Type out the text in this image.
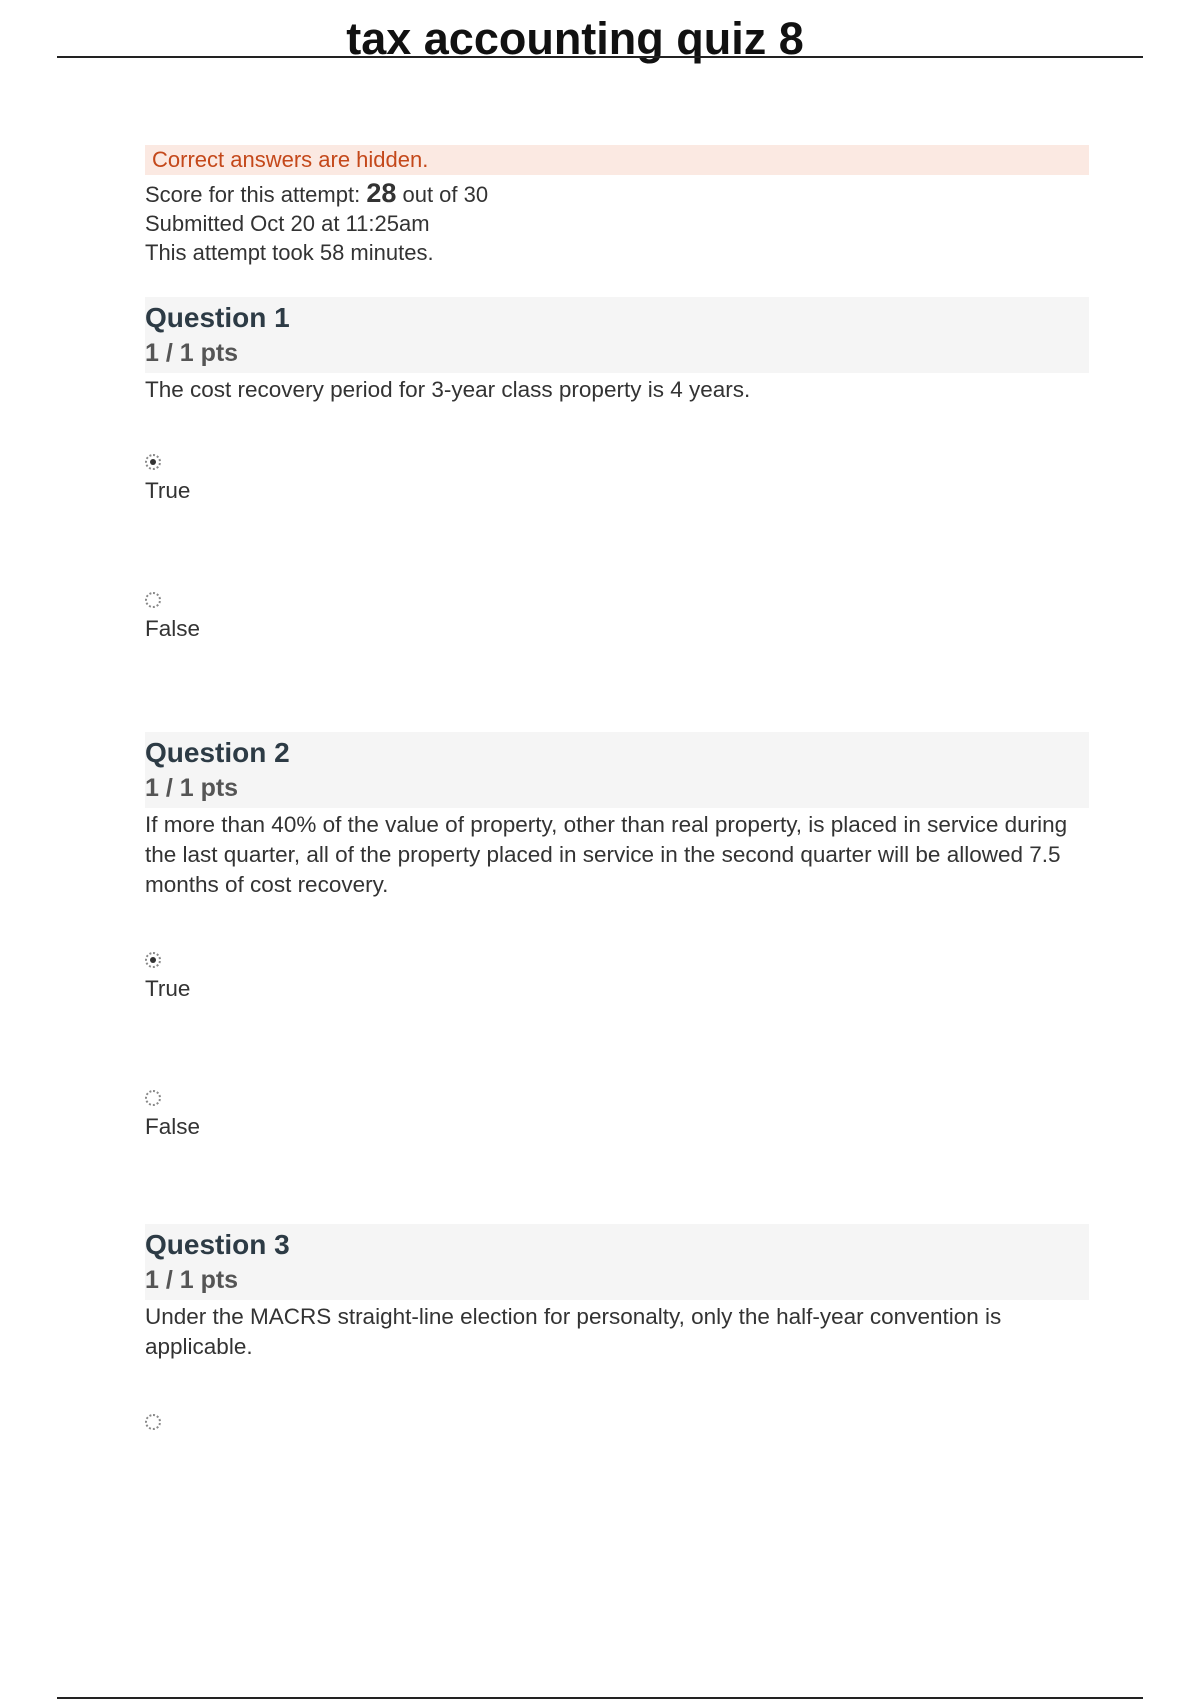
tax accounting quiz 8
Correct answers are hidden.
Score for this attempt: 28 out of 30
Submitted Oct 20 at 11:25am
This attempt took 58 minutes.
Question 1
1 / 1 pts
The cost recovery period for 3-year class property is 4 years.
True
False
Question 2
1 / 1 pts
If more than 40% of the value of property, other than real property, is placed in service during the last quarter, all of the property placed in service in the second quarter will be allowed 7.5 months of cost recovery.
True
False
Question 3
1 / 1 pts
Under the MACRS straight-line election for personalty, only the half-year convention is applicable.
